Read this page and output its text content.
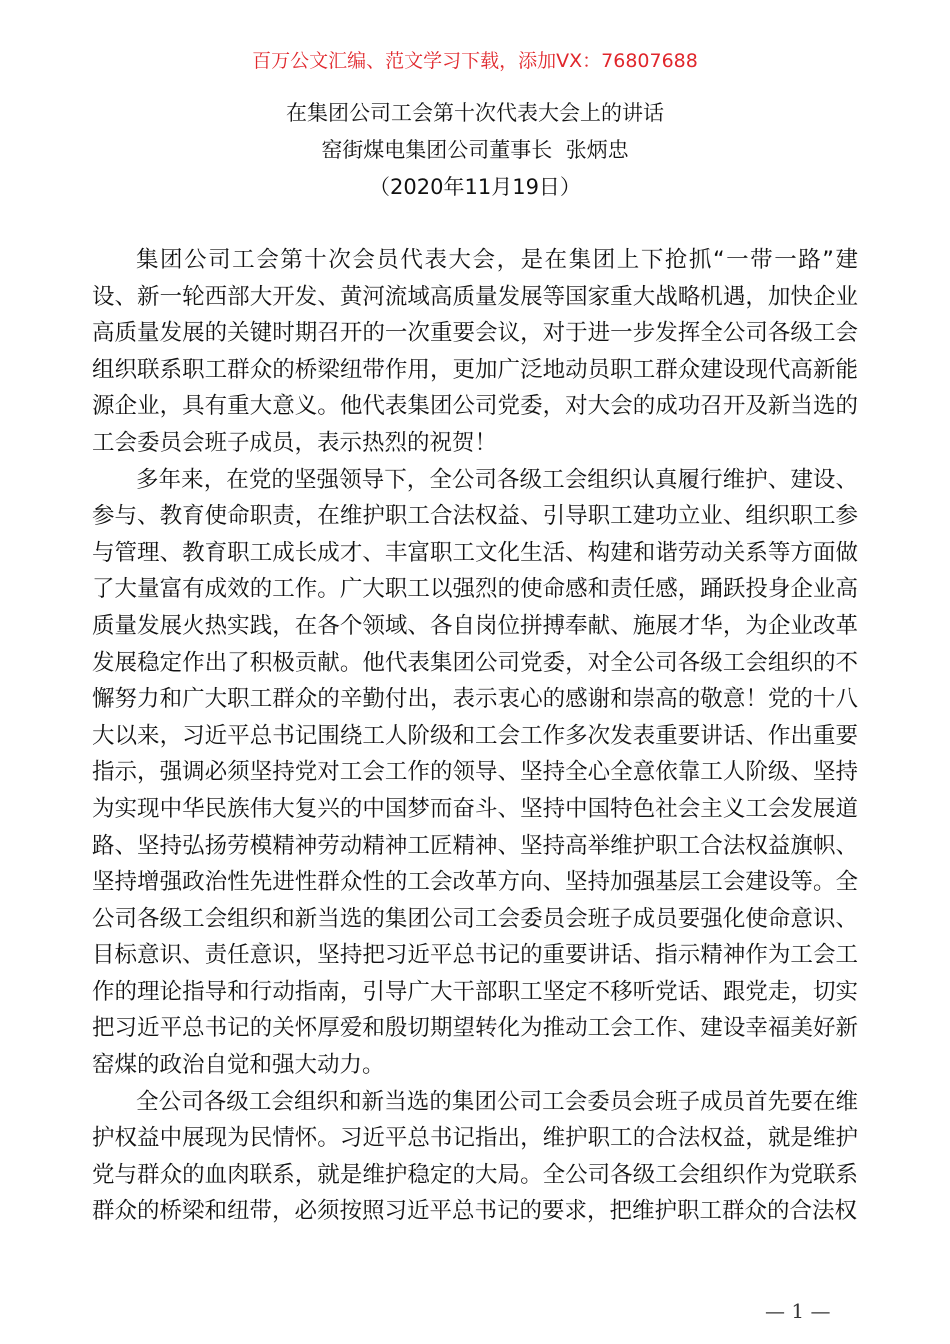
百万公文汇编、范文学习下载，添加VX：76807688
在集团公司工会第十次代表大会上的讲话
窑街煤电集团公司董事长  张炳忠
（2020年11月19日）
集团公司工会第十次会员代表大会，是在集团上下抢抓“一带一路”建
设、新一轮西部大开发、黄河流域高质量发展等国家重大战略机遇，加快企业
高质量发展的关键时期召开的一次重要会议，对于进一步发挥全公司各级工会
组织联系职工群众的桥梁纽带作用，更加广泛地动员职工群众建设现代高新能
源企业，具有重大意义。他代表集团公司党委，对大会的成功召开及新当选的
工会委员会班子成员，表示热烈的祝贺！
多年来，在党的坚强领导下，全公司各级工会组织认真履行维护、建设、
参与、教育使命职责，在维护职工合法权益、引导职工建功立业、组织职工参
与管理、教育职工成长成才、丰富职工文化生活、构建和谐劳动关系等方面做
了大量富有成效的工作。广大职工以强烈的使命感和责任感，踊跃投身企业高
质量发展火热实践，在各个领域、各自岗位拼搏奉献、施展才华，为企业改革
发展稳定作出了积极贡献。他代表集团公司党委，对全公司各级工会组织的不
懈努力和广大职工群众的辛勤付出，表示衷心的感谢和崇高的敬意！党的十八
大以来，习近平总书记围绕工人阶级和工会工作多次发表重要讲话、作出重要
指示，强调必须坚持党对工会工作的领导、坚持全心全意依靠工人阶级、坚持
为实现中华民族伟大复兴的中国梦而奋斗、坚持中国特色社会主义工会发展道
路、坚持弘扬劳模精神劳动精神工匠精神、坚持高举维护职工合法权益旗帜、
坚持增强政治性先进性群众性的工会改革方向、坚持加强基层工会建设等。全
公司各级工会组织和新当选的集团公司工会委员会班子成员要强化使命意识、
目标意识、责任意识，坚持把习近平总书记的重要讲话、指示精神作为工会工
作的理论指导和行动指南，引导广大干部职工坚定不移听党话、跟党走，切实
把习近平总书记的关怀厚爱和殷切期望转化为推动工会工作、建设幸福美好新
窑煤的政治自觉和强大动力。
全公司各级工会组织和新当选的集团公司工会委员会班子成员首先要在维
护权益中展现为民情怀。习近平总书记指出，维护职工的合法权益，就是维护
党与群众的血肉联系，就是维护稳定的大局。全公司各级工会组织作为党联系
群众的桥梁和纽带，必须按照习近平总书记的要求，把维护职工群众的合法权
— 1 —
